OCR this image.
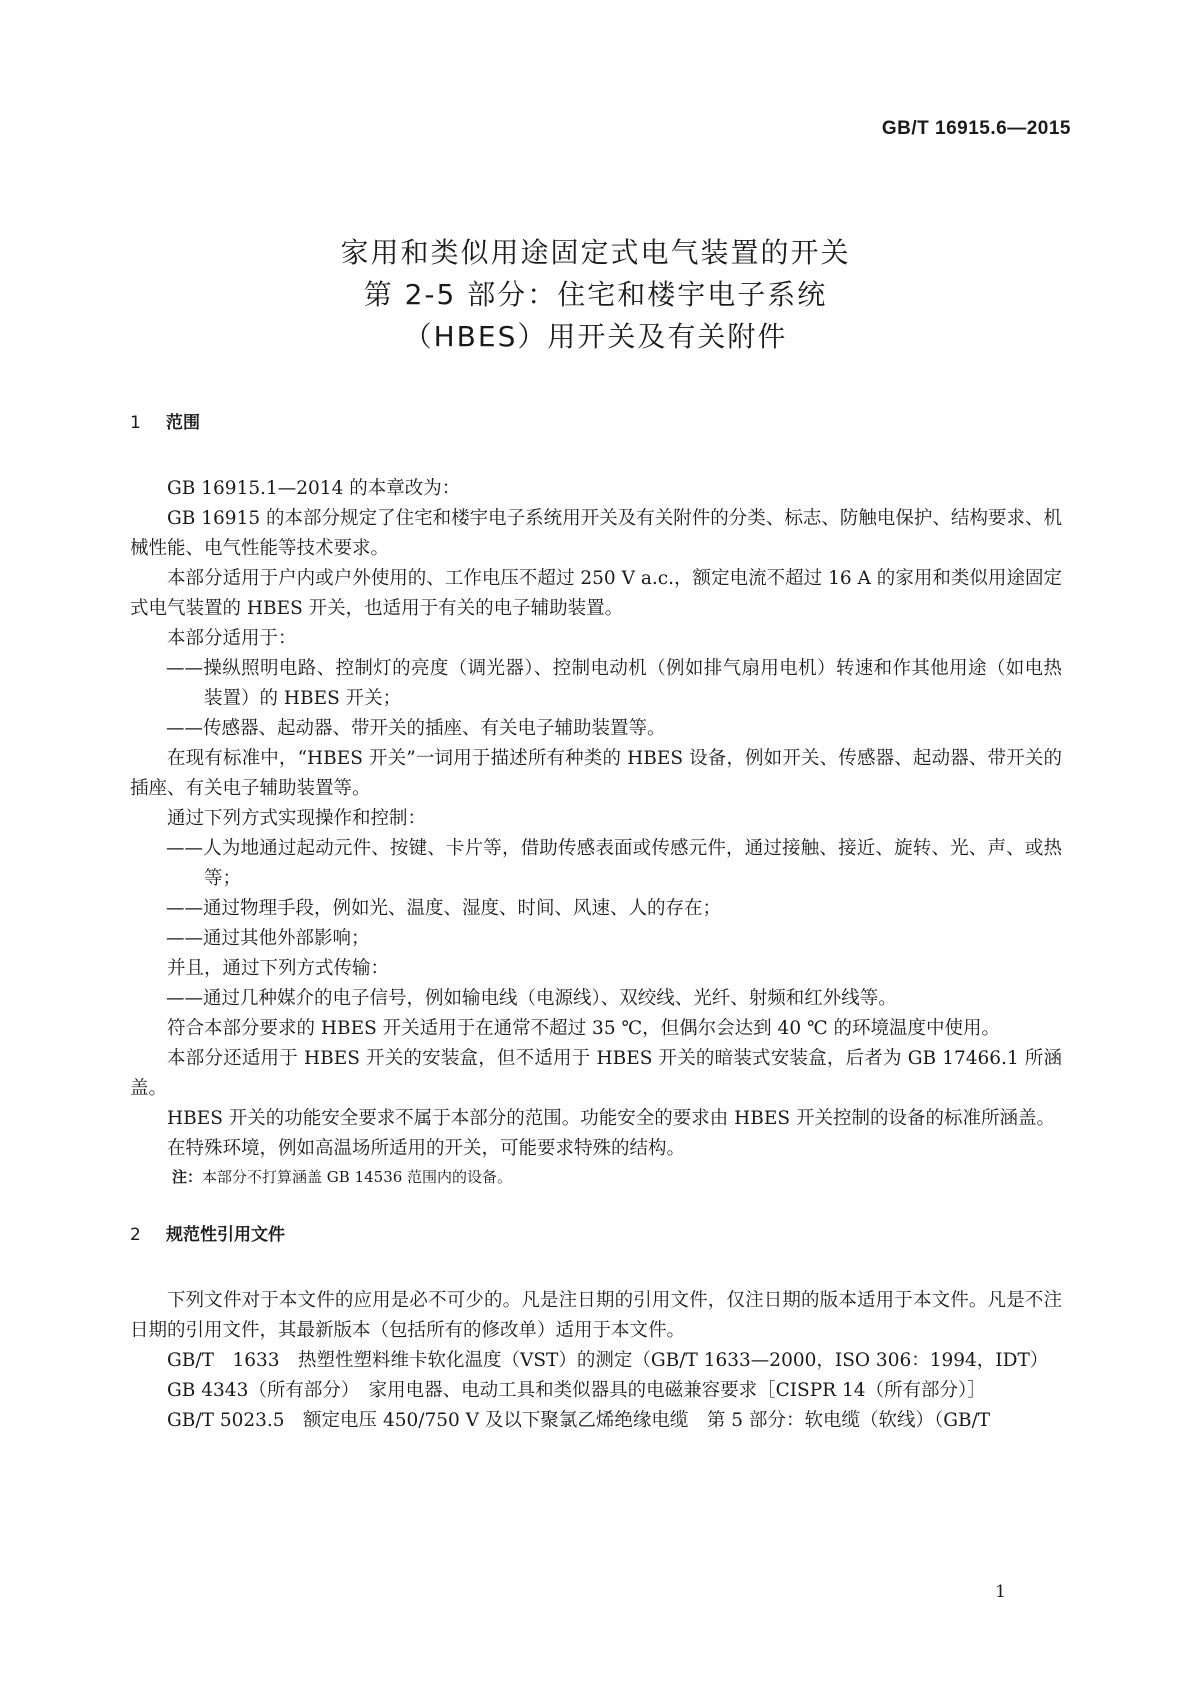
GB/T 16915.6—2015
家用和类似用途固定式电气装置的开关
第 2-5 部分：住宅和楼宇电子系统
（HBES）用开关及有关附件
1 范围

GB 16915.1—2014 的本章改为：

GB 16915 的本部分规定了住宅和楼宇电子系统用开关及有关附件的分类、标志、防触电保护、结构要求、机械性能、电气性能等技术要求。

本部分适用于户内或户外使用的、工作电压不超过 250 V a.c.，额定电流不超过 16 A 的家用和类似用途固定式电气装置的 HBES 开关，也适用于有关的电子辅助装置。

本部分适用于：

——操纵照明电路、控制灯的亮度（调光器）、控制电动机（例如排气扇用电机）转速和作其他用途（如电热装置）的 HBES 开关；

——传感器、起动器、带开关的插座、有关电子辅助装置等。

在现有标准中，“HBES 开关”一词用于描述所有种类的 HBES 设备，例如开关、传感器、起动器、带开关的插座、有关电子辅助装置等。

通过下列方式实现操作和控制：

——人为地通过起动元件、按键、卡片等，借助传感表面或传感元件，通过接触、接近、旋转、光、声、或热等；

——通过物理手段，例如光、温度、湿度、时间、风速、人的存在；

——通过其他外部影响；

并且，通过下列方式传输：

——通过几种媒介的电子信号，例如输电线（电源线）、双绞线、光纤、射频和红外线等。

符合本部分要求的 HBES 开关适用于在通常不超过 35 ℃，但偶尔会达到 40 ℃ 的环境温度中使用。

本部分还适用于 HBES 开关的安装盒，但不适用于 HBES 开关的暗装式安装盒，后者为 GB 17466.1 所涵盖。

HBES 开关的功能安全要求不属于本部分的范围。功能安全的要求由 HBES 开关控制的设备的标准所涵盖。

在特殊环境，例如高温场所适用的开关，可能要求特殊的结构。

注：本部分不打算涵盖 GB 14536 范围内的设备。

2 规范性引用文件

下列文件对于本文件的应用是必不可少的。凡是注日期的引用文件，仅注日期的版本适用于本文件。凡是不注日期的引用文件，其最新版本（包括所有的修改单）适用于本文件。

GB/T　1633　热塑性塑料维卡软化温度（VST）的测定（GB/T 1633—2000，ISO 306：1994，IDT）

GB 4343（所有部分）　家用电器、电动工具和类似器具的电磁兼容要求［CISPR 14（所有部分）］

GB/T 5023.5　额定电压 450/750 V 及以下聚氯乙烯绝缘电缆　第 5 部分：软电缆（软线）（GB/T

1
